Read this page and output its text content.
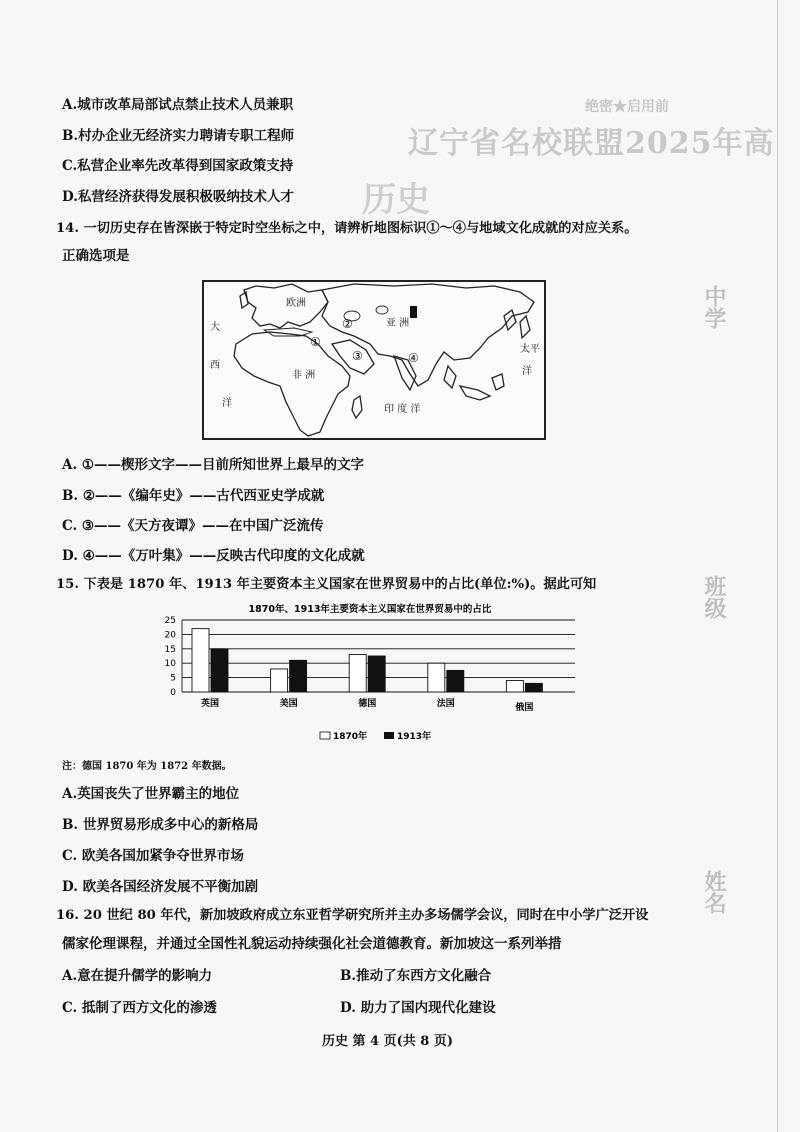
绝密★启用前
辽宁省名校联盟2025年高
历史
中学
班级
姓名
A.城市改革局部试点禁止技术人员兼职
B.村办企业无经济实力聘请专职工程师
C.私营企业率先改革得到国家政策支持
D.私营经济获得发展积极吸纳技术人才
14. 一切历史存在皆深嵌于特定时空坐标之中，请辨析地图标识①～④与地域文化成就的对应关系。
正确选项是
欧洲
亚 洲
非 洲
大
西
洋
太平
洋
印 度 洋
①
②
③	④
A. ①——楔形文字——目前所知世界上最早的文字
B. ②——《编年史》——古代西亚史学成就
C. ③——《天方夜谭》——在中国广泛流传
D. ④——《万叶集》——反映古代印度的文化成就
15. 下表是 1870 年、1913 年主要资本主义国家在世界贸易中的占比(单位:%)。据此可知
1870年、1913年主要资本主义国家在世界贸易中的占比
0
5
10
15
20
25
英国	美国	德国	法国	俄国
1870年	1913年
注：德国 1870 年为 1872 年数据。
A.英国丧失了世界霸主的地位
B. 世界贸易形成多中心的新格局
C. 欧美各国加紧争夺世界市场
D. 欧美各国经济发展不平衡加剧
16. 20 世纪 80 年代，新加坡政府成立东亚哲学研究所并主办多场儒学会议，同时在中小学广泛开设
儒家伦理课程，并通过全国性礼貌运动持续强化社会道德教育。新加坡这一系列举措
A.意在提升儒学的影响力	B.推动了东西方文化融合
C. 抵制了西方文化的渗透	D. 助力了国内现代化建设
历史 第 4 页(共 8 页)
